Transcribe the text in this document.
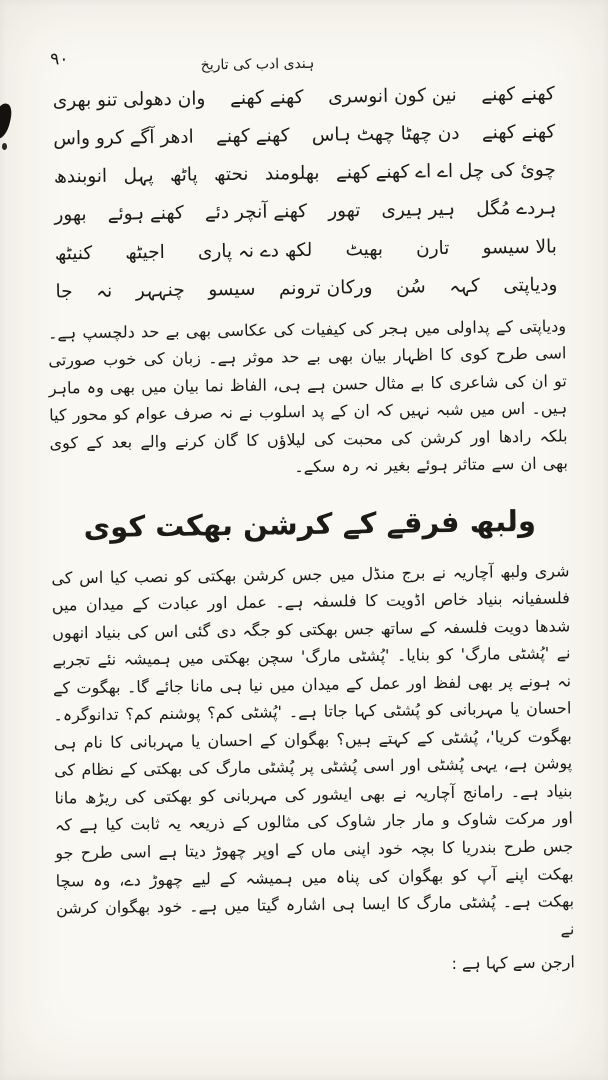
ہندی ادب کی تاریخ
۹۰
کھنے کھنے
نین کون انوسری
کھنے کھنے
وان دھولی تنو بھری
کھنے کھنے
دن چھٹا چھٹ ہاس
کھنے کھنے
ادھر آگے کرو واس
چوئ کی چل اے اے کھنے کھنے
بھلومند
نحتھ
پاٹھ
پہل
انوبندھ
ہردے مُگل
ہیر ہیری
تھور
کھنے آنچر دئے
کھنے ہوئے
بھور
بالا سیسو
تارن
بھیٹ
لکھ دے نہ پاری
اجیٹھ
کنیٹھ
ودیاپتی
کہہ
سُن
ورکان ترونم
سیسو
چنہہر
نہ
جا

ودیاپتی کے پداولی میں ہجر کی کیفیات کی عکاسی بھی بے حد دلچسپ ہے۔ اسی طرح کوی کا اظہار بیان بھی بے حد موثر ہے۔ زبان کی خوب صورتی تو ان کی شاعری کا بے مثال حسن ہے ہی، الفاظ نما بیان میں بھی وہ ماہر ہیں۔ اس میں شبہ نہیں کہ ان کے پد اسلوب نے نہ صرف عوام کو محور کیا بلکہ رادھا اور کرشن کی محبت کی لیلاؤں کا گان کرنے والے بعد کے کوی بھی ان سے متاثر ہوئے بغیر نہ رہ سکے۔

ولبھ فرقے کے کرشن بھکت کوی

شری ولبھ آچاریہ نے برج منڈل میں جس کرشن بھکتی کو نصب کیا اس کی فلسفیانہ بنیاد خاص اڈویت کا فلسفہ ہے۔ عمل اور عبادت کے میدان میں شدھا دویت فلسفہ کے ساتھ جس بھکتی کو جگہ دی گئی اس کی بنیاد انھوں نے 'پُشٹی مارگ' کو بنایا۔ 'پُشٹی مارگ' سچن بھکتی میں ہمیشہ نئے تجربے نہ ہونے پر بھی لفظ اور عمل کے میدان میں نیا ہی مانا جائے گا۔ بھگوت کے احسان یا مہربانی کو پُشٹی کہا جاتا ہے۔ 'پُشٹی کم؟ پوشنم کم؟ تدانوگرہ۔ بھگوت کریا'، پُشٹی کے کہتے ہیں؟ بھگوان کے احسان یا مہربانی کا نام ہی پوشن ہے، یہی پُشٹی اور اسی پُشٹی پر پُشٹی مارگ کی بھکتی کے نظام کی بنیاد ہے۔ رامانج آچاریہ نے بھی ایشور کی مہربانی کو بھکتی کی ریڑھ مانا اور مرکت شاوک و مار جار شاوک کی مثالوں کے ذریعہ یہ ثابت کیا ہے کہ جس طرح بندریا کا بچہ خود اپنی ماں کے اوپر چھوڑ دیتا ہے اسی طرح جو بھکت اپنے آپ کو بھگوان کی پناہ میں ہمیشہ کے لیے چھوڑ دے، وہ سچا بھکت ہے۔ پُشٹی مارگ کا ایسا ہی اشارہ گیتا میں ہے۔ خود بھگوان کرشن نے

ارجن سے کہا ہے :
